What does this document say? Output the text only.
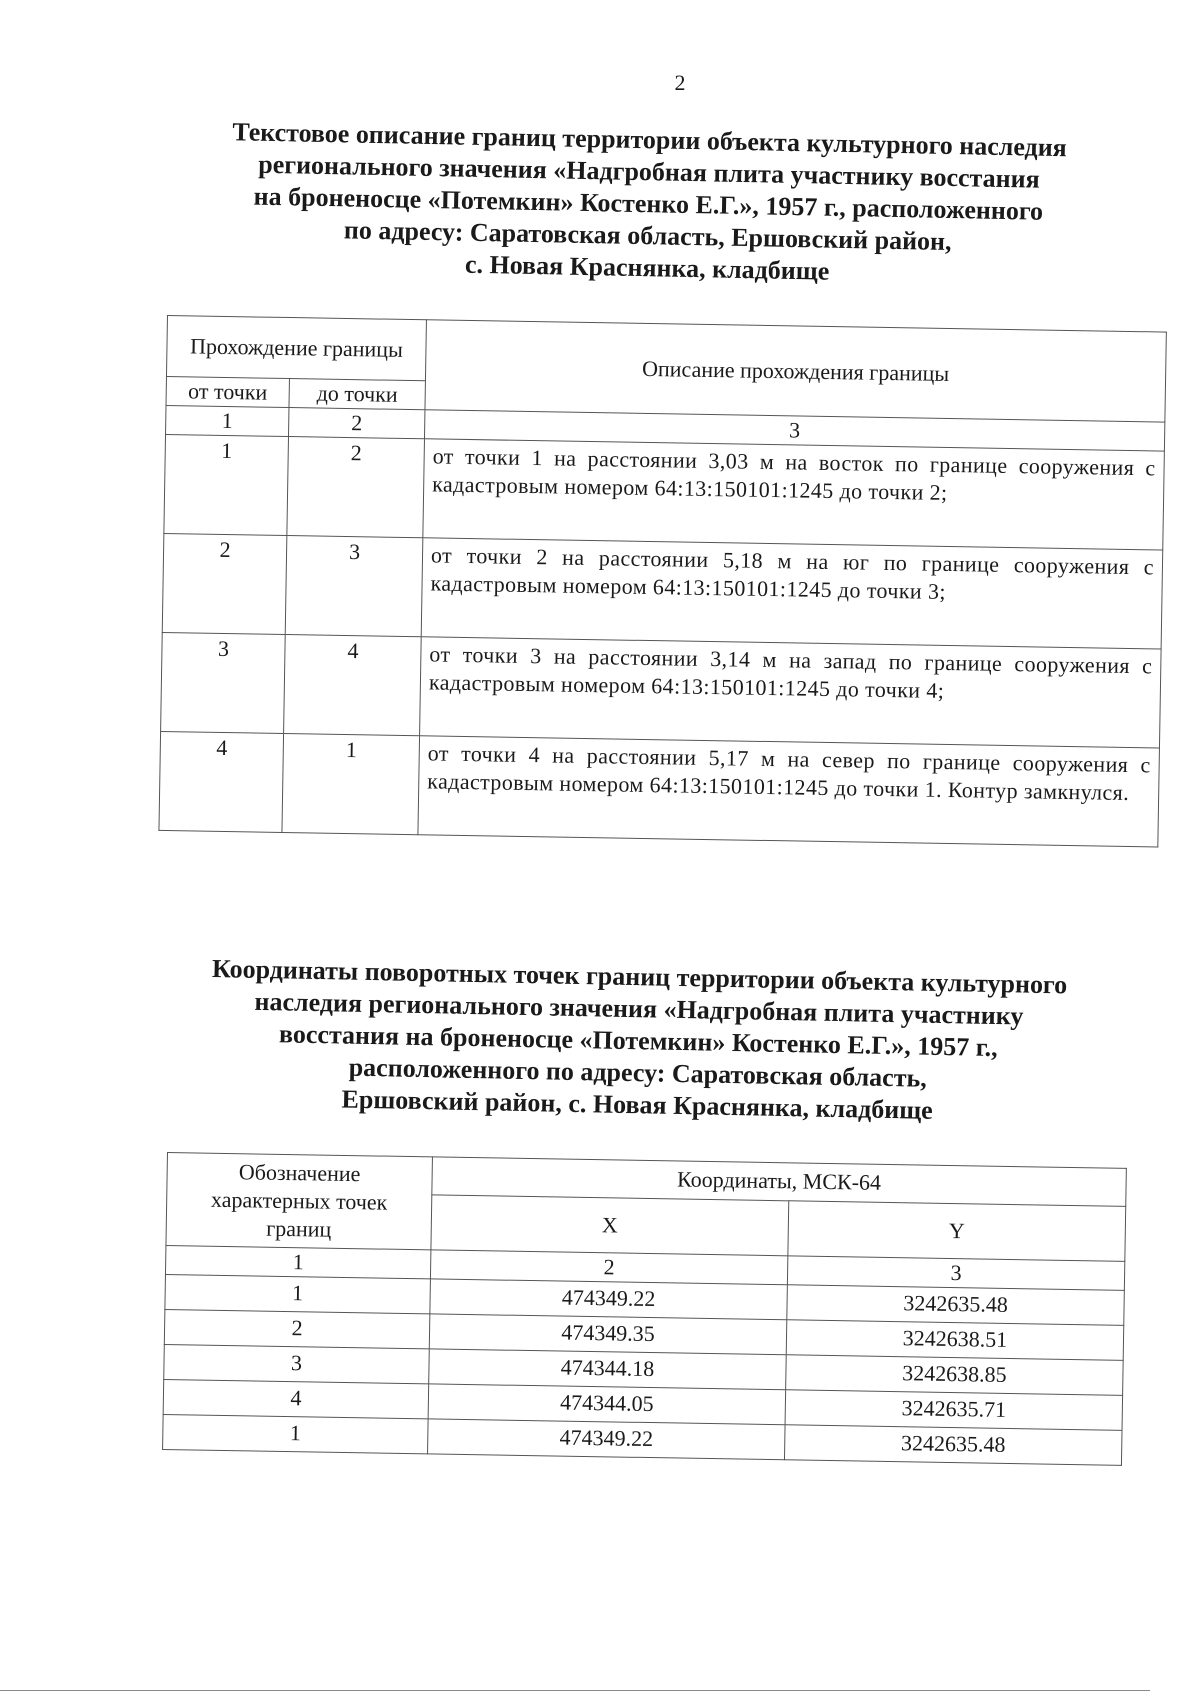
2
Текстовое описание границ территории объекта культурного наследия
регионального значения «Надгробная плита участнику восстания
на броненосце «Потемкин» Костенко Е.Г.», 1957 г., расположенного
по адресу: Саратовская область, Ершовский район,
с. Новая Краснянка, кладбище
Прохождение границы		Описание прохождения границы
от точки	до точки	
1	2	3
1	2	от точки 1 на расстоянии 3,03 м на восток по границе сооружения с кадастровым номером 64:13:150101:1245 до точки 2;
2	3	от точки 2 на расстоянии 5,18 м на юг по границе сооружения с кадастровым номером 64:13:150101:1245 до точки 3;
3	4	от точки 3 на расстоянии 3,14 м на запад по границе сооружения с кадастровым номером 64:13:150101:1245 до точки 4;
4	1	от точки 4 на расстоянии 5,17 м на север по границе сооружения с кадастровым номером 64:13:150101:1245 до точки 1. Контур замкнулся.
Координаты поворотных точек границ территории объекта культурного
наследия регионального значения «Надгробная плита участнику
восстания на броненосце «Потемкин» Костенко Е.Г.», 1957 г.,
расположенного по адресу: Саратовская область,
Ершовский район, с. Новая Краснянка, кладбище
Обозначение характерных точек границ	Координаты, МСК-64	
	X	Y
1	2	3
1	474349.22	3242635.48
2	474349.35	3242638.51
3	474344.18	3242638.85
4	474344.05	3242635.71
1	474349.22	3242635.48
